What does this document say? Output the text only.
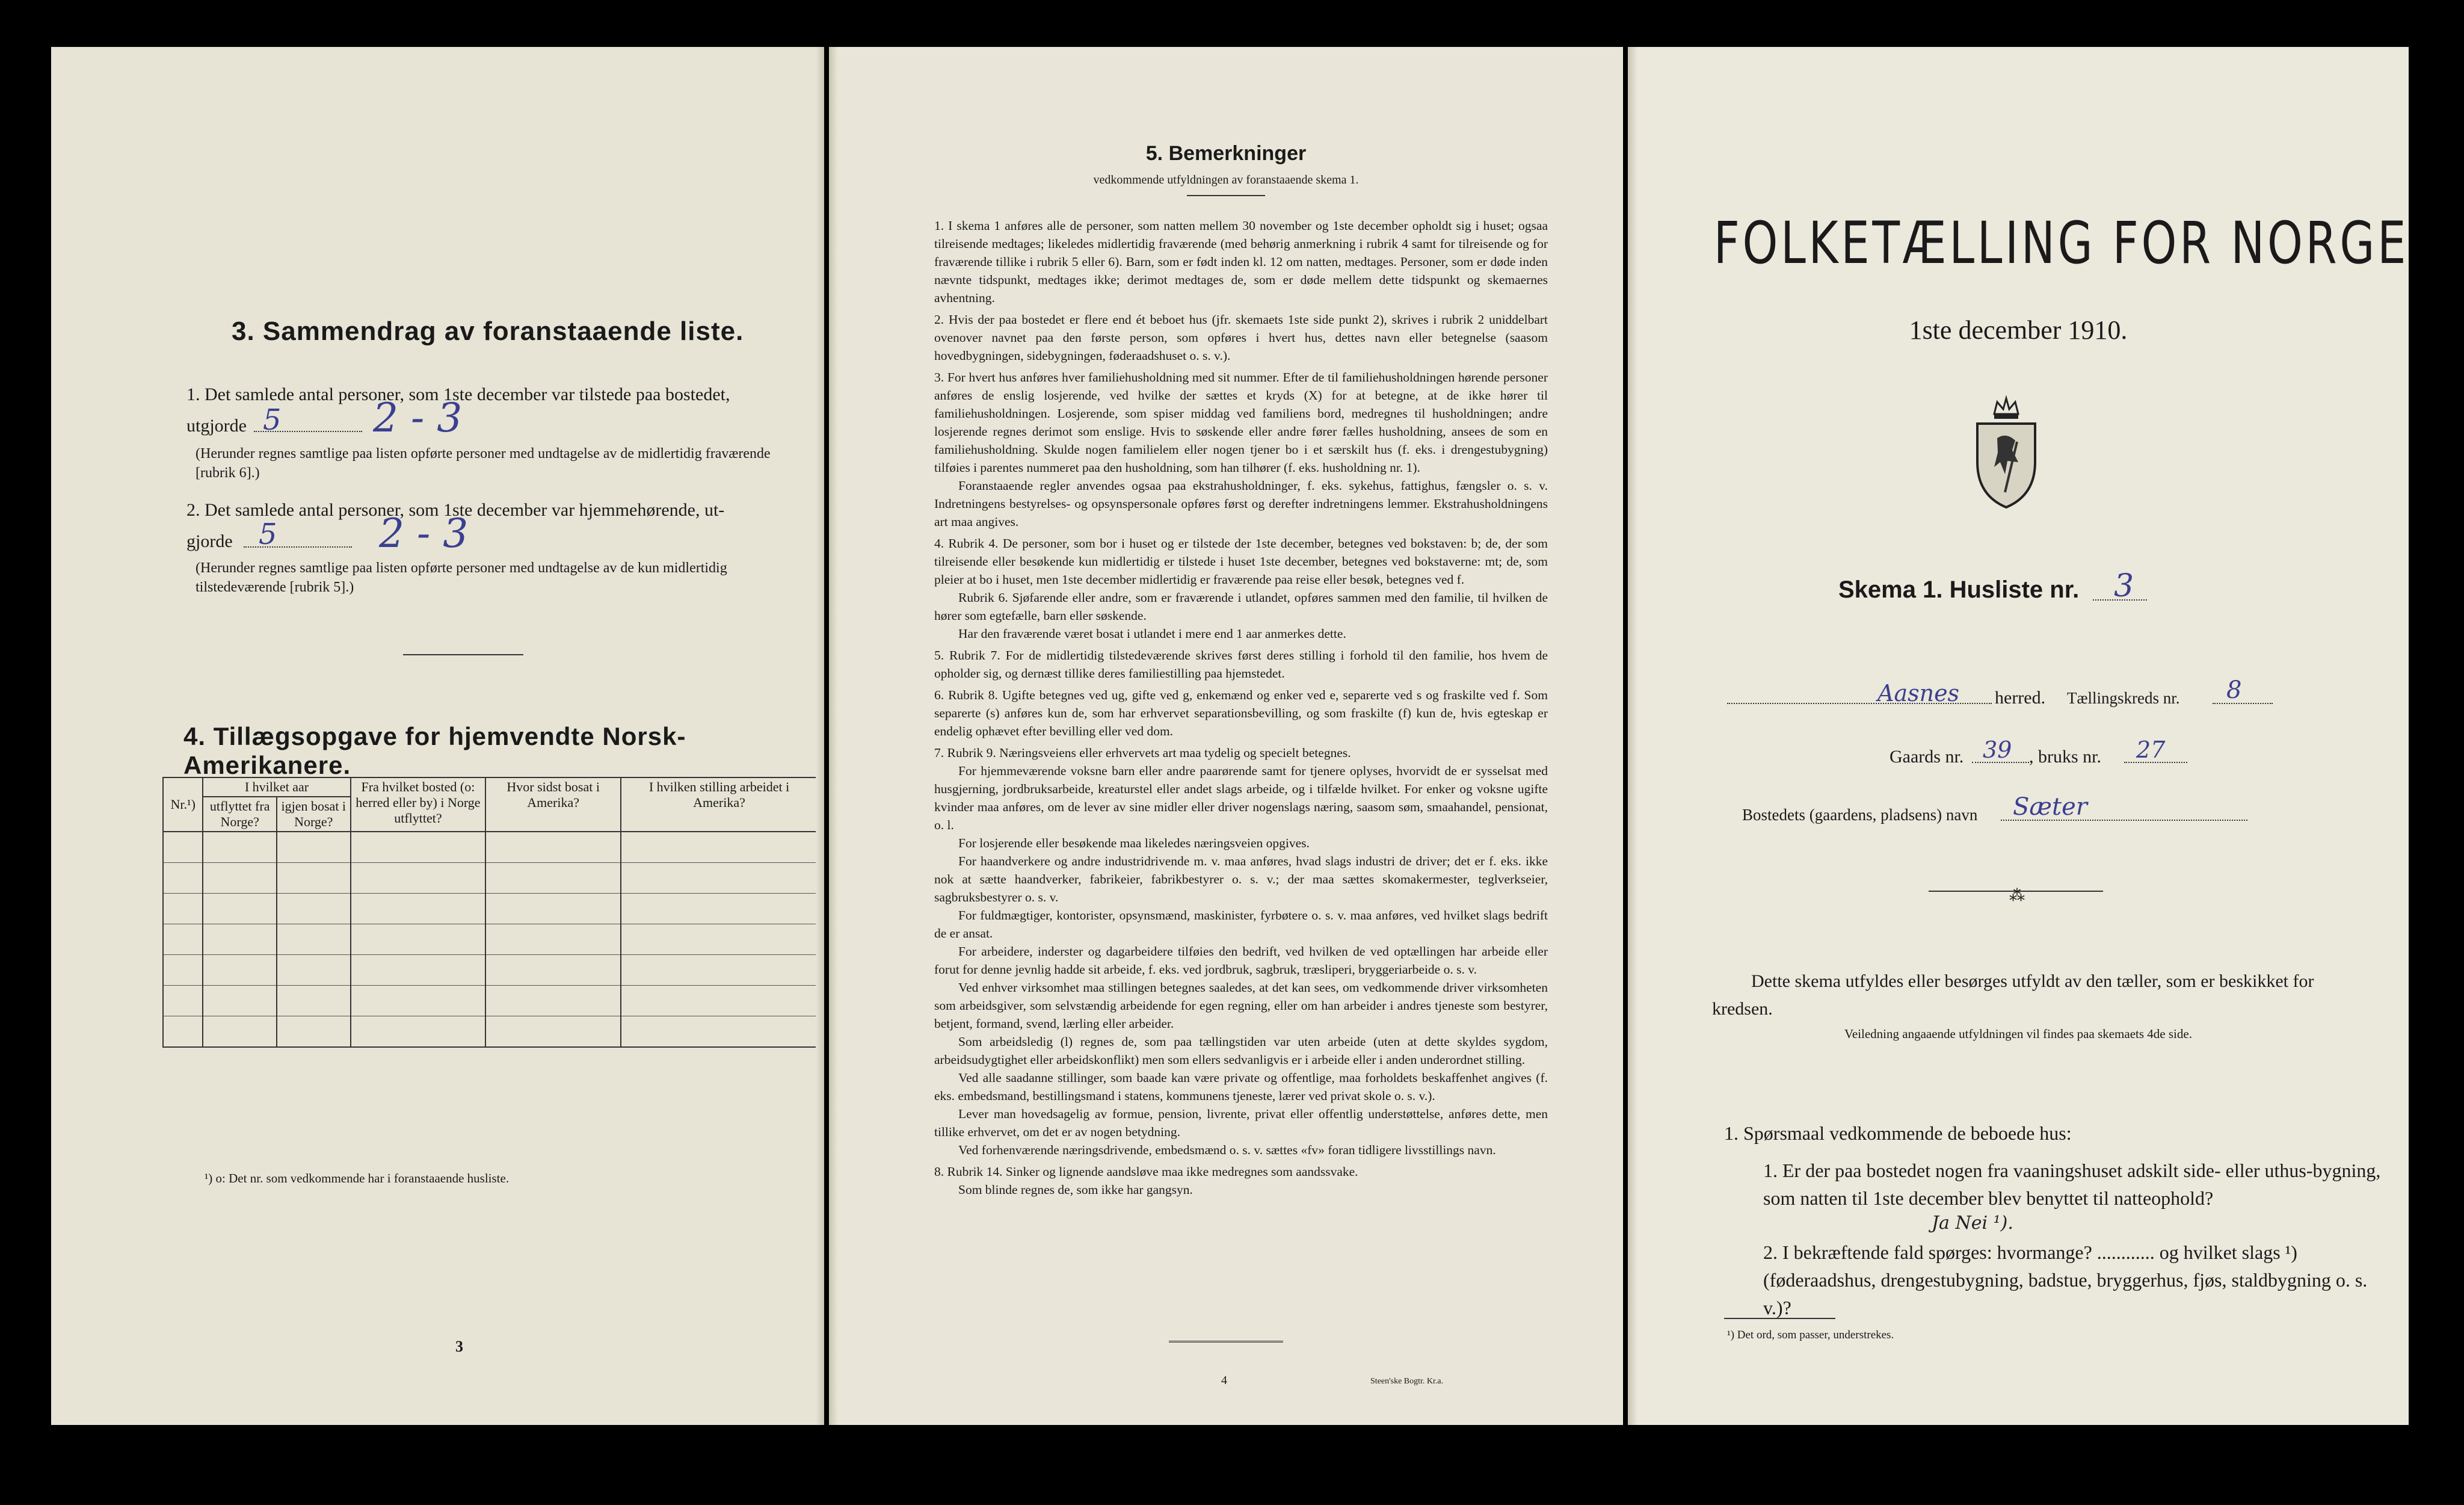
3. Sammendrag av foranstaaende liste.
1. Det samlede antal personer, som 1ste december var tilstede paa bostedet,
utgjorde 5 2 - 3
(Herunder regnes samtlige paa listen opførte personer med undtagelse av de midlertidig fraværende [rubrik 6].)
2. Det samlede antal personer, som 1ste december var hjemmehørende, ut-
gjorde 5	2 - 3
(Herunder regnes samtlige paa listen opførte personer med undtagelse av de kun midlertidig tilstedeværende [rubrik 5].)
4. Tillægsopgave for hjemvendte Norsk-Amerikanere.
Nr.¹)	I hvilket aar		Fra hvilket bosted (o: herred eller by) i Norge utflyttet?	Hvor sidst bosat i Amerika?	I hvilken stilling arbeidet i Amerika?
	utflyttet fra Norge?	igjen bosat i Norge?			

¹) o: Det nr. som vedkommende har i foranstaaende husliste.
3
5. Bemerkninger
vedkommende utfyldningen av foranstaaende skema 1.
1. I skema 1 anføres alle de personer, som natten mellem 30 november og 1ste december opholdt sig i huset; ogsaa tilreisende medtages; likeledes midlertidig fraværende (med behørig anmerkning i rubrik 4 samt for tilreisende og for fraværende tillike i rubrik 5 eller 6). Barn, som er født inden kl. 12 om natten, medtages. Personer, som er døde inden nævnte tidspunkt, medtages ikke; derimot medtages de, som er døde mellem dette tidspunkt og skemaernes avhentning.
2. Hvis der paa bostedet er flere end ét beboet hus (jfr. skemaets 1ste side punkt 2), skrives i rubrik 2 uniddelbart ovenover navnet paa den første person, som opføres i hvert hus, dettes navn eller betegnelse (saasom hovedbygningen, sidebygningen, føderaadshuset o. s. v.).
3. For hvert hus anføres hver familiehusholdning med sit nummer. Efter de til familiehusholdningen hørende personer anføres de enslig losjerende, ved hvilke der sættes et kryds (X) for at betegne, at de ikke hører til familiehusholdningen. Losjerende, som spiser middag ved familiens bord, medregnes til husholdningen; andre losjerende regnes derimot som enslige. Hvis to søskende eller andre fører fælles husholdning, ansees de som en familiehusholdning. Skulde nogen familielem eller nogen tjener bo i et særskilt hus (f. eks. i drengestubygning) tilføies i parentes nummeret paa den husholdning, som han tilhører (f. eks. husholdning nr. 1).
Foranstaaende regler anvendes ogsaa paa ekstrahusholdninger, f. eks. sykehus, fattighus, fængsler o. s. v. Indretningens bestyrelses- og opsynspersonale opføres først og derefter indretningens lemmer. Ekstrahusholdningens art maa angives.
4. Rubrik 4. De personer, som bor i huset og er tilstede der 1ste december, betegnes ved bokstaven: b; de, der som tilreisende eller besøkende kun midlertidig er tilstede i huset 1ste december, betegnes ved bokstaverne: mt; de, som pleier at bo i huset, men 1ste december midlertidig er fraværende paa reise eller besøk, betegnes ved f.
Rubrik 6. Sjøfarende eller andre, som er fraværende i utlandet, opføres sammen med den familie, til hvilken de hører som egtefælle, barn eller søskende.
Har den fraværende været bosat i utlandet i mere end 1 aar anmerkes dette.
5. Rubrik 7. For de midlertidig tilstedeværende skrives først deres stilling i forhold til den familie, hos hvem de opholder sig, og dernæst tillike deres familiestilling paa hjemstedet.
6. Rubrik 8. Ugifte betegnes ved ug, gifte ved g, enkemænd og enker ved e, separerte ved s og fraskilte ved f. Som separerte (s) anføres kun de, som har erhvervet separationsbevilling, og som fraskilte (f) kun de, hvis egteskap er endelig ophævet efter bevilling eller ved dom.
7. Rubrik 9. Næringsveiens eller erhvervets art maa tydelig og specielt betegnes.
For hjemmeværende voksne barn eller andre paarørende samt for tjenere oplyses, hvorvidt de er sysselsat med husgjerning, jordbruksarbeide, kreaturstel eller andet slags arbeide, og i tilfælde hvilket. For enker og voksne ugifte kvinder maa anføres, om de lever av sine midler eller driver nogenslags næring, saasom søm, smaahandel, pensionat, o. l.
For losjerende eller besøkende maa likeledes næringsveien opgives.
For haandverkere og andre industridrivende m. v. maa anføres, hvad slags industri de driver; det er f. eks. ikke nok at sætte haandverker, fabrikeier, fabrikbestyrer o. s. v.; der maa sættes skomakermester, teglverkseier, sagbruksbestyrer o. s. v.
For fuldmægtiger, kontorister, opsynsmænd, maskinister, fyrbøtere o. s. v. maa anføres, ved hvilket slags bedrift de er ansat.
For arbeidere, inderster og dagarbeidere tilføies den bedrift, ved hvilken de ved optællingen har arbeide eller forut for denne jevnlig hadde sit arbeide, f. eks. ved jordbruk, sagbruk, træsliperi, bryggeriarbeide o. s. v.
Ved enhver virksomhet maa stillingen betegnes saaledes, at det kan sees, om vedkommende driver virksomheten som arbeidsgiver, som selvstændig arbeidende for egen regning, eller om han arbeider i andres tjeneste som bestyrer, betjent, formand, svend, lærling eller arbeider.
Som arbeidsledig (l) regnes de, som paa tællingstiden var uten arbeide (uten at dette skyldes sygdom, arbeidsudygtighet eller arbeidskonflikt) men som ellers sedvanligvis er i arbeide eller i anden underordnet stilling.
Ved alle saadanne stillinger, som baade kan være private og offentlige, maa forholdets beskaffenhet angives (f. eks. embedsmand, bestillingsmand i statens, kommunens tjeneste, lærer ved privat skole o. s. v.).
Lever man hovedsagelig av formue, pension, livrente, privat eller offentlig understøttelse, anføres dette, men tillike erhvervet, om det er av nogen betydning.
Ved forhenværende næringsdrivende, embedsmænd o. s. v. sættes «fv» foran tidligere livsstillings navn.
8. Rubrik 14. Sinker og lignende aandsløve maa ikke medregnes som aandssvake.
Som blinde regnes de, som ikke har gangsyn.
4	Steen'ske Bogtr. Kr.a.
FOLKETÆLLING FOR NORGE
1ste december 1910.
Skema 1. Husliste nr. 3
Aasnes herred. Tællingskreds nr. 8
Gaards nr. 39 , bruks nr. 27
Bostedets (gaardens, pladsens) navn Sæter
⁂
Dette skema utfyldes eller besørges utfyldt av den tæller, som er beskikket for kredsen.
Veiledning angaaende utfyldningen vil findes paa skemaets 4de side.
1. Spørsmaal vedkommende de beboede hus:
1. Er der paa bostedet nogen fra vaaningshuset adskilt side- eller uthus-bygning, som natten til 1ste december blev benyttet til natteophold?
Ja Nei ¹).
2. I bekræftende fald spørges: hvormange? ............ og hvilket slags ¹) (føderaadshus, drengestubygning, badstue, bryggerhus, fjøs, staldbygning o. s. v.)?
¹) Det ord, som passer, understrekes.
